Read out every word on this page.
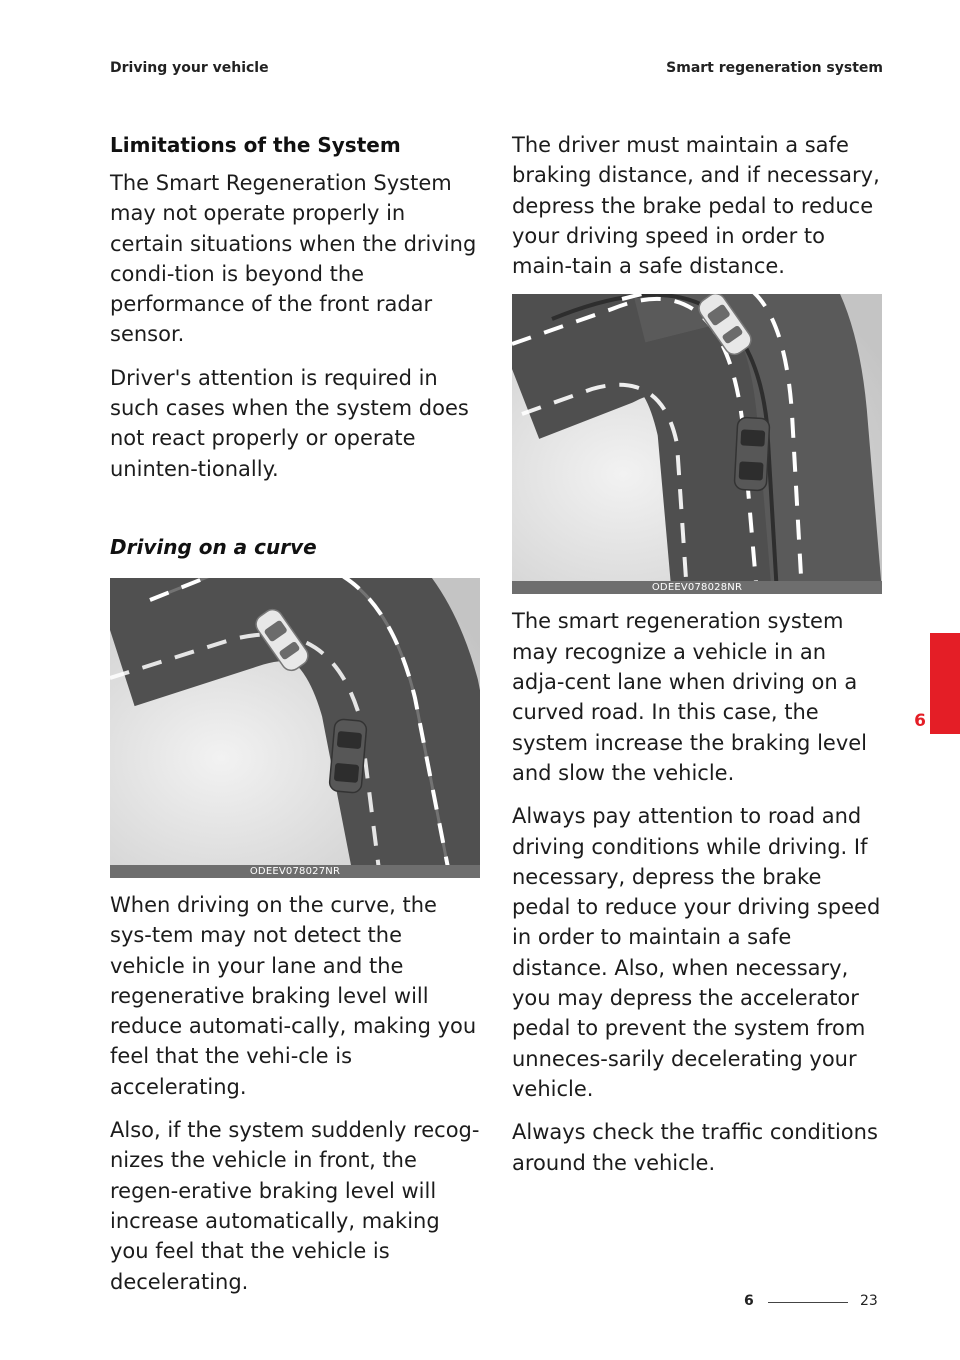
Driving your vehicle	Smart regeneration system
Limitations of the System

The Smart Regeneration System may not operate properly in certain situations when the driving condi-tion is beyond the performance of the front radar sensor.

Driver's attention is required in such cases when the system does not react properly or operate uninten-tionally.

Driving on a curve
ODEEV078027NR

When driving on the curve, the sys-tem may not detect the vehicle in your lane and the regenerative braking level will reduce automati-cally, making you feel that the vehi-cle is accelerating.

Also, if the system suddenly recog-nizes the vehicle in front, the regen-erative braking level will increase automatically, making you feel that the vehicle is decelerating.

The driver must maintain a safe braking distance, and if necessary, depress the brake pedal to reduce your driving speed in order to main-tain a safe distance.

ODEEV078028NR

The smart regeneration system may recognize a vehicle in an adja-cent lane when driving on a curved road. In this case, the system increase the braking level and slow the vehicle.

Always pay attention to road and driving conditions while driving. If necessary, depress the brake pedal to reduce your driving speed in order to maintain a safe distance. Also, when necessary, you may depress the accelerator pedal to prevent the system from unneces-sarily decelerating your vehicle.

Always check the traffic conditions around the vehicle.

6
6	23
